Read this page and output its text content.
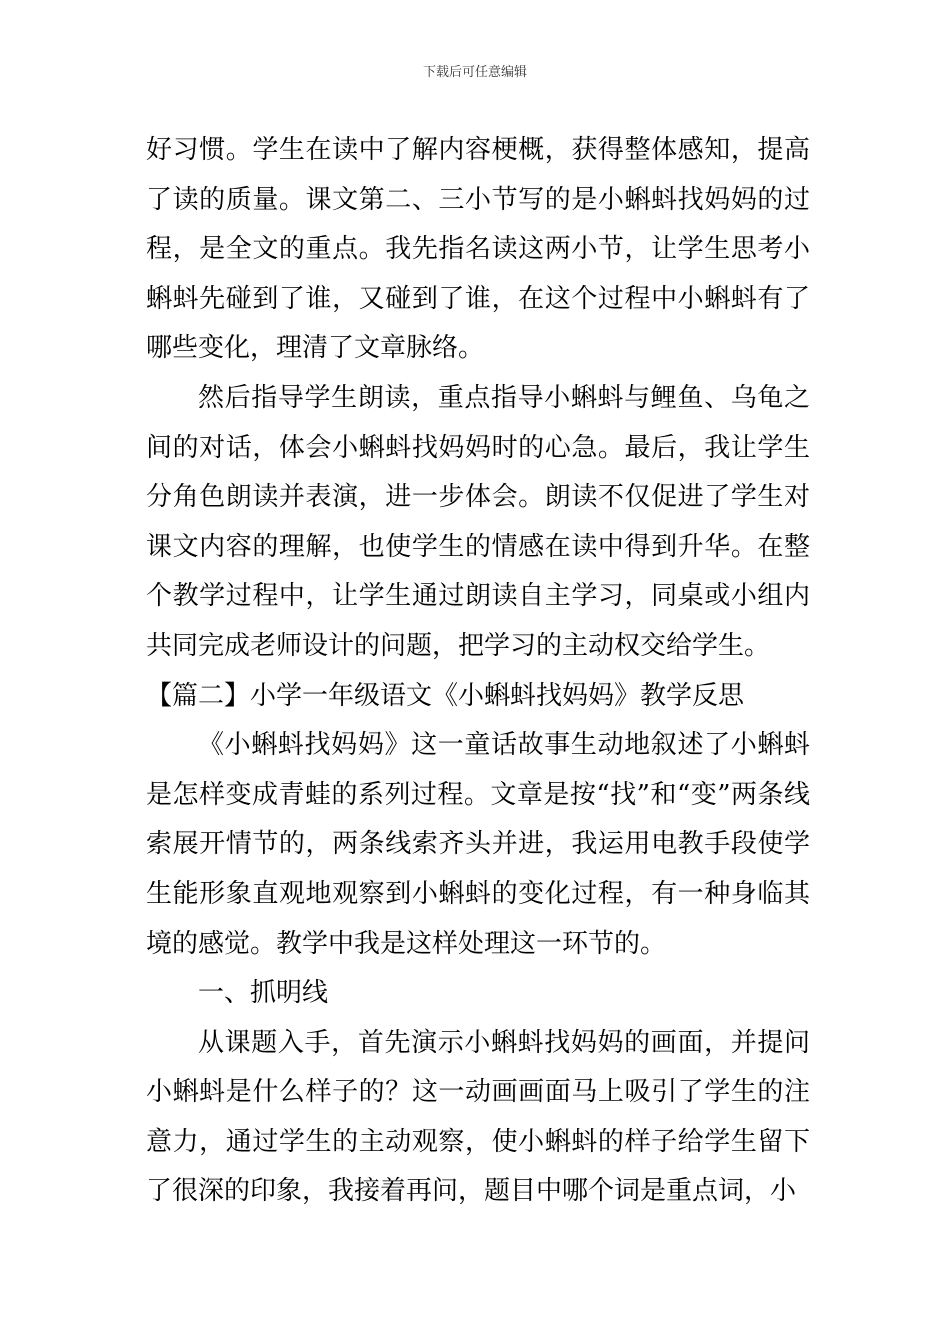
下载后可任意编辑

好习惯。学生在读中了解内容梗概，获得整体感知，提高了读的质量。课文第二、三小节写的是小蝌蚪找妈妈的过程，是全文的重点。我先指名读这两小节，让学生思考小蝌蚪先碰到了谁，又碰到了谁，在这个过程中小蝌蚪有了哪些变化，理清了文章脉络。

然后指导学生朗读，重点指导小蝌蚪与鲤鱼、乌龟之间的对话，体会小蝌蚪找妈妈时的心急。最后，我让学生分角色朗读并表演，进一步体会。朗读不仅促进了学生对课文内容的理解，也使学生的情感在读中得到升华。在整个教学过程中，让学生通过朗读自主学习，同桌或小组内共同完成老师设计的问题，把学习的主动权交给学生。

【篇二】小学一年级语文《小蝌蚪找妈妈》教学反思

《小蝌蚪找妈妈》这一童话故事生动地叙述了小蝌蚪是怎样变成青蛙的系列过程。文章是按“找”和“变”两条线索展开情节的，两条线索齐头并进，我运用电教手段使学生能形象直观地观察到小蝌蚪的变化过程，有一种身临其境的感觉。教学中我是这样处理这一环节的。

一、抓明线

从课题入手，首先演示小蝌蚪找妈妈的画面，并提问小蝌蚪是什么样子的？这一动画画面马上吸引了学生的注意力，通过学生的主动观察，使小蝌蚪的样子给学生留下了很深的印象，我接着再问，题目中哪个词是重点词，小
